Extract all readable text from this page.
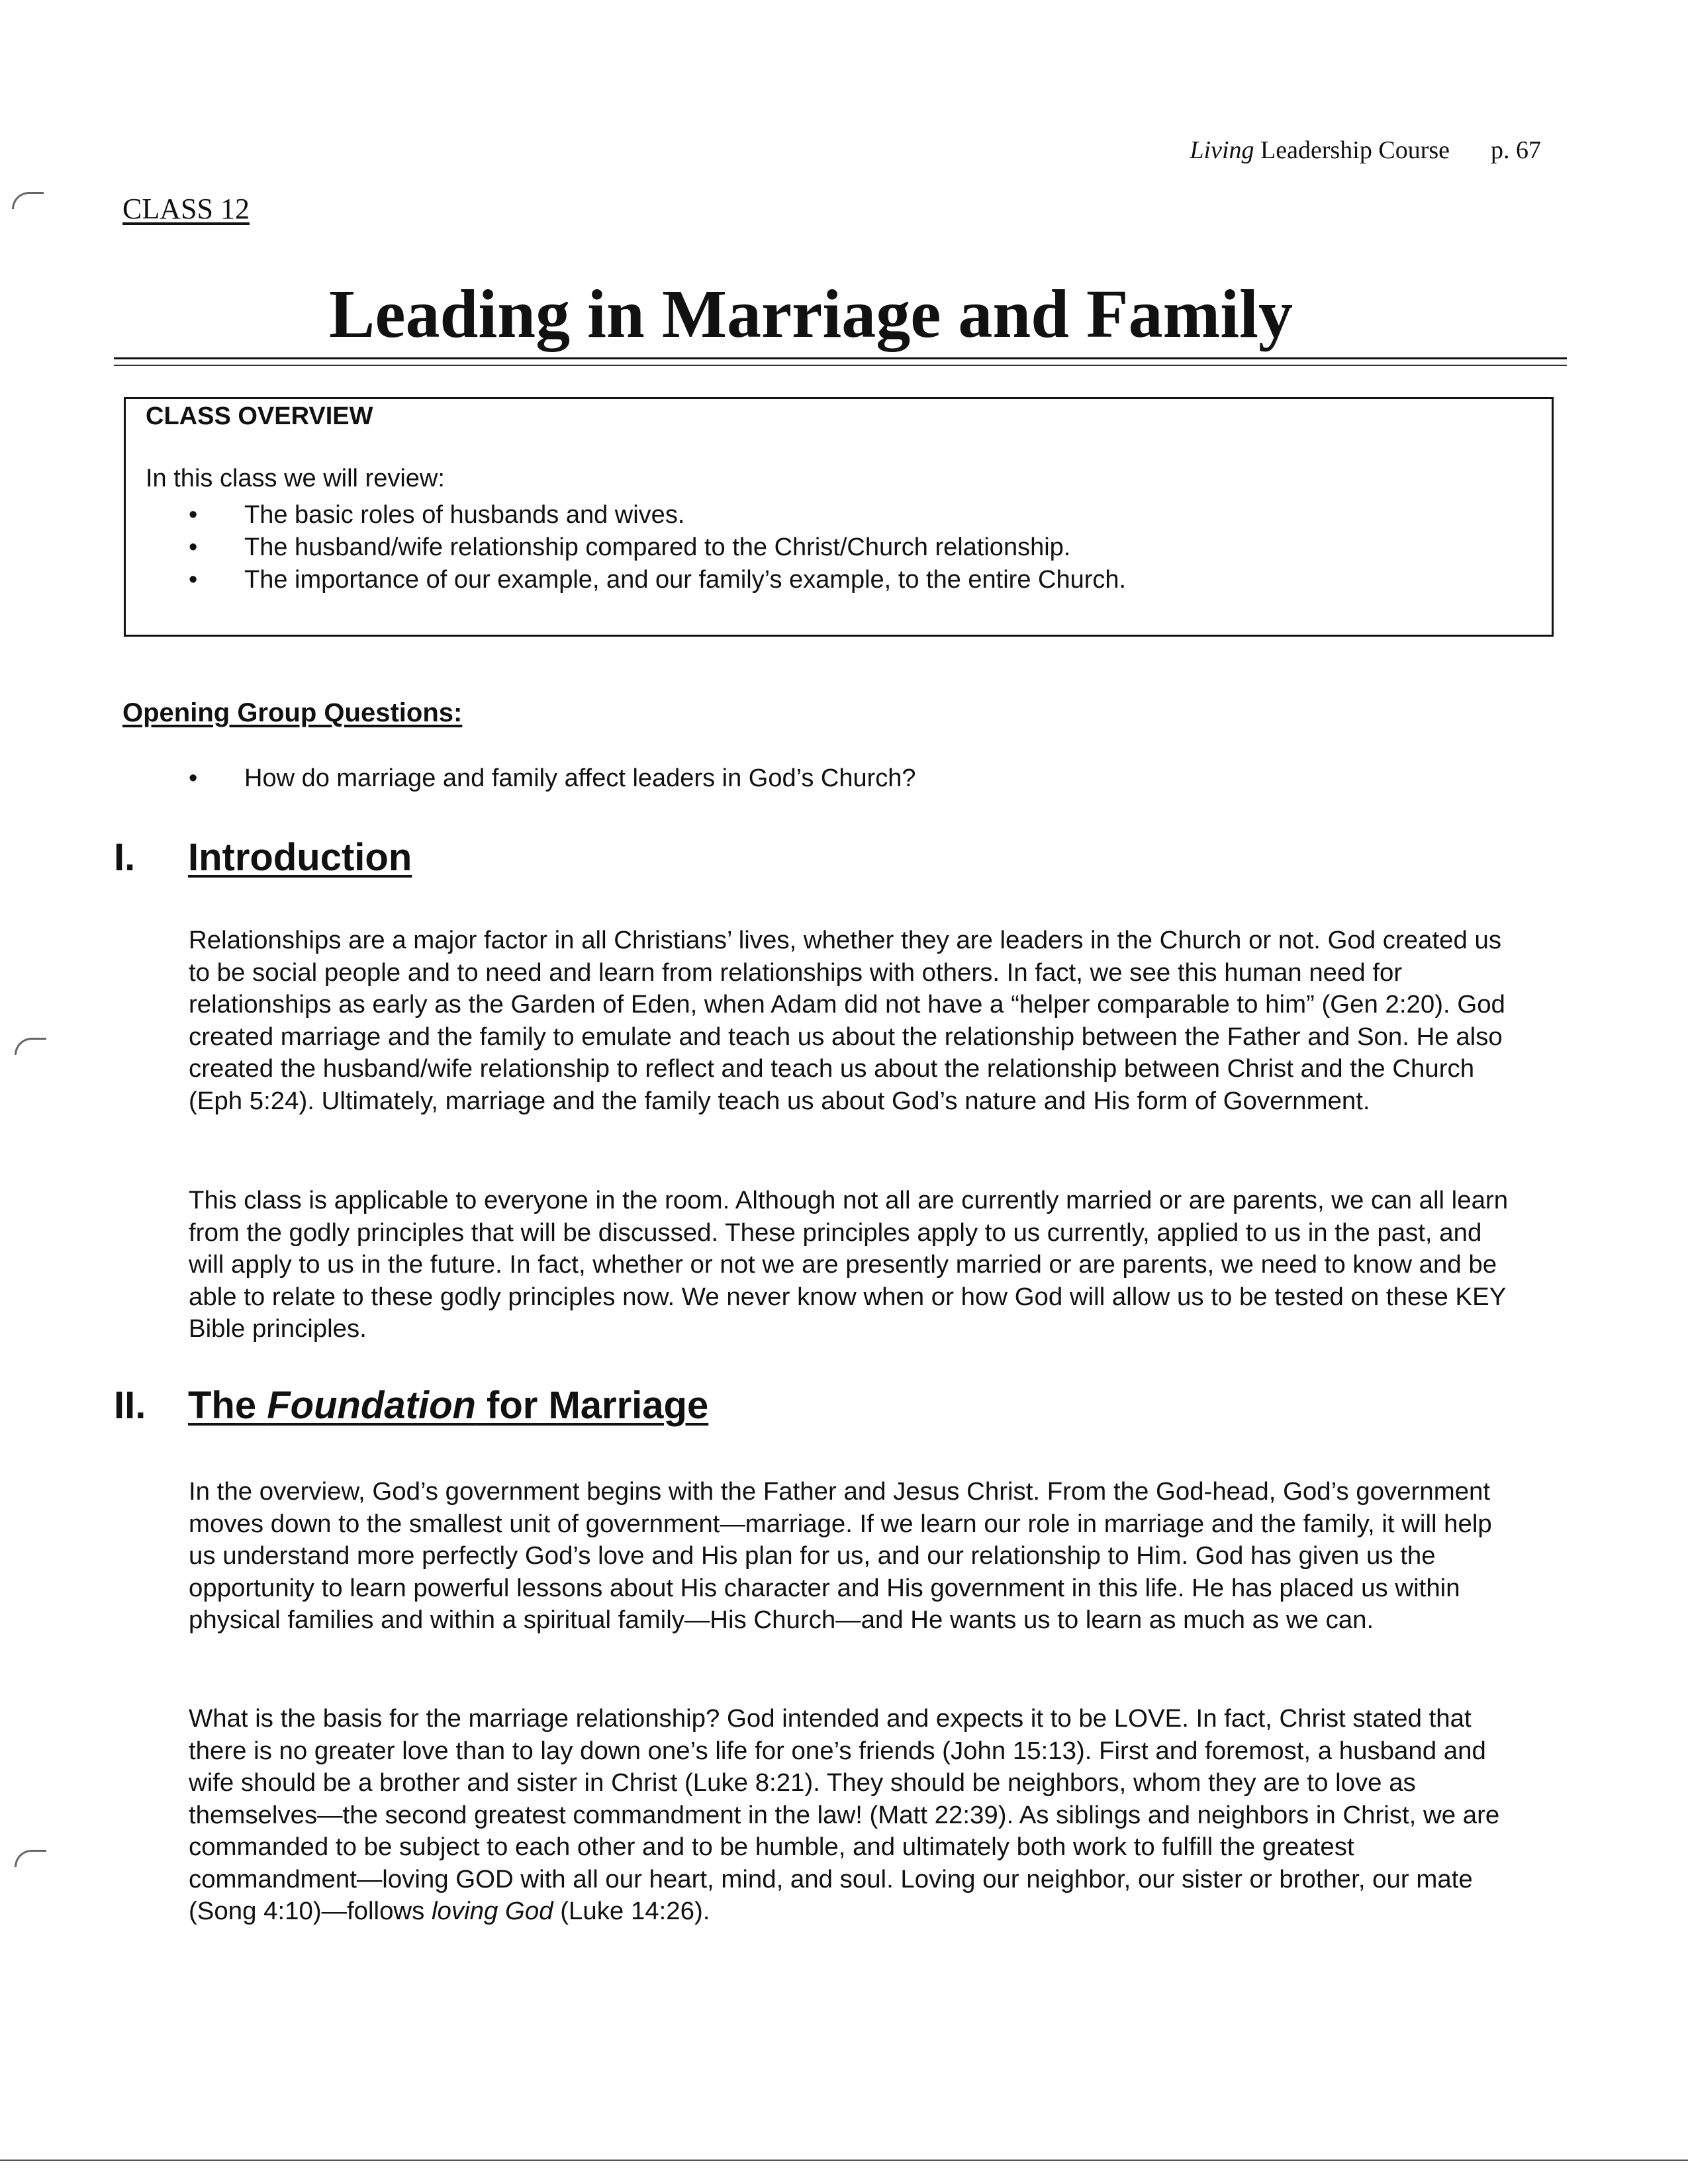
Living Leadership Course p. 67
CLASS 12
Leading in Marriage and Family
CLASS OVERVIEW
In this class we will review:
• The basic roles of husbands and wives.
• The husband/wife relationship compared to the Christ/Church relationship.
• The importance of our example, and our family’s example, to the entire Church.
Opening Group Questions:
• How do marriage and family affect leaders in God’s Church?
I. Introduction

Relationships are a major factor in all Christians’ lives, whether they are leaders in the Church or not. God created us to be social people and to need and learn from relationships with others. In fact, we see this human need for relationships as early as the Garden of Eden, when Adam did not have a “helper comparable to him” (Gen 2:20). God created marriage and the family to emulate and teach us about the relationship between the Father and Son. He also created the husband/wife relationship to reflect and teach us about the relationship between Christ and the Church (Eph 5:24). Ultimately, marriage and the family teach us about God’s nature and His form of Government.

This class is applicable to everyone in the room. Although not all are currently married or are parents, we can all learn from the godly principles that will be discussed. These principles apply to us currently, applied to us in the past, and will apply to us in the future. In fact, whether or not we are presently married or are parents, we need to know and be able to relate to these godly principles now. We never know when or how God will allow us to be tested on these KEY Bible principles.

II. The Foundation for Marriage

In the overview, God’s government begins with the Father and Jesus Christ. From the God-head, God’s government moves down to the smallest unit of government—marriage. If we learn our role in marriage and the family, it will help us understand more perfectly God’s love and His plan for us, and our relationship to Him. God has given us the opportunity to learn powerful lessons about His character and His government in this life. He has placed us within physical families and within a spiritual family—His Church—and He wants us to learn as much as we can.

What is the basis for the marriage relationship? God intended and expects it to be LOVE. In fact, Christ stated that there is no greater love than to lay down one’s life for one’s friends (John 15:13). First and foremost, a husband and wife should be a brother and sister in Christ (Luke 8:21). They should be neighbors, whom they are to love as themselves—the second greatest commandment in the law! (Matt 22:39). As siblings and neighbors in Christ, we are commanded to be subject to each other and to be humble, and ultimately both work to fulfill the greatest commandment—loving GOD with all our heart, mind, and soul. Loving our neighbor, our sister or brother, our mate (Song 4:10)—follows loving God (Luke 14:26).
